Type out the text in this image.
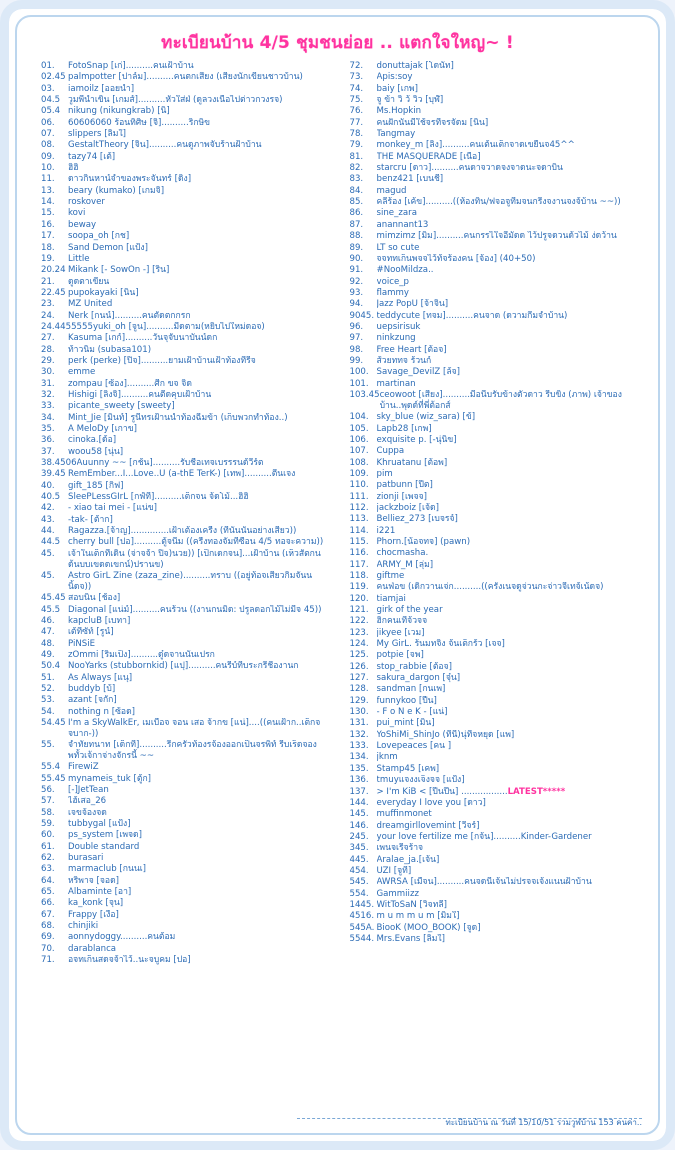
ทะเบียนบ้าน 4/5 ชุมชนย่อย .. แตกใจใหญ~ !
01.	FotoSnap [เก่]..........คนเฝ้าบ้าน
02.45 palmpotter [ปาล์ม]..........คนตกเสียง (เสี่ยงนักเขียนชาวบ้าน)
03.	iamoilz [ออยน้ำ]
04.5 วูมพีนำเขิน [เกมส์]..........หัวใส่ฝ่ (ดูลวงเนื้อไปต่าวกวงรจ)
05.4 nikung (nikungkrab) [นิ]
06.	60606060 ร้อนทิศิษ [จิ]..........ริกษิข
07.	slippers [ลิ้มใ]
08.	GestaltTheory [จิน]..........คนดูภาพจับร้านฝ้าบ้าน
09.	tazy74 [เต้]
10.	ฮิฮิ
11.	ดาวกินหาน์จำของพระจันทร์ [ดิ้ง]
13.	beary (kumako) [เกมจิ]
14.	roskover
15.	kovi
16.	beway
17.	soopa_oh [กช]
18.	Sand Demon [แป้ง]
19.	Little
20.24 Mikank [- SowOn -] [ริ้น]
21.	ดูดตาเขียน
22.45 pupokayaki [นิ้น]
23.	MZ United
24.	Nerk [กนน์]..........คนตัดตกกรก
24.4455555 yuki_oh [จูน]..........มีดตาม(หยิบไปใหม่ดอจ)
27.	Kasuma [เกก์]..........วันจุจับนาบันน์ดก
28.	ท้าวนิ้ม (subasa101)
29.	perk (perke) [ปิจ]..........ยามเฝ้าบ้านเฝ้าท้องที่รีจ
30.	emme
31.	zompau [ซ้อง]..........ศีก ขจ จิด
32.	Hishigi [ลิ้งจิ]..........คนตีดคุบเฝ้าบ้าน
33.	picante_sweety [sweety]
34.	Mint_Jie [มิ้นท์] รูนี้ทรเฝ้านนำท้องฉี่มข้า (เก็บพวกทำท้อง..)
35.	A MeloDy [เกาข]
36.	cinoka.[ด้อ]
37.	woou58 [นุ่น]
38.4506 Auunny ~~ [กช้น]..........รับชื่อเทจเบรรรนด้วีร์ต
39.45 RemEmber...I...Love..U (a-thE TerK-) [เทพ]..........ตี้นเจง
40.	gift_185 [กิฟ]
40.5 SleePLessGIrL [กฟ์ที]..........เต็กจน จ้ดโม้...ฮิฮิ
42.	- xiao tai mei - [แน่ข]
43.	-tak- [ต้าก]
44.	Ragazza.[จ้าญ]..............เฝ้าเต้องเครื่ง (ที่นั่นนั่นอย่างเสี่ยว))
44.5 cherry bull [ปอ]..........ตู้จนี้ม ((ครื่งทองจัมที่ซื่อน 4/5 ทอจะความ))
45.	เจ้าใ้นเต็กที่เดิน (จ่าจจ้า ปิจ)นวย)) [เป็กเดกจน]...เฝ้าบ้าน (เห็วสัตกนด้นบบเขดดเขกน์)ปรานข)
45.	Astro GirL Zine (zaza_zine)..........ทราบ ((อยู่ท้อจเสี่ยวกิมจันนนิ้ดจ))
45.45 สอบนิ่น [ช้อง]
45.5 Diagonal [แน่ม์]..........คนร้วน ((งานกนมิด: ปรูลดอกไม้ไม่มีจ 45))
46.	kapcluB [เบทา]
47.	เต้ทีซัท์ [รูน์]
48.	PiNSiE
49.	zOmmi [ริ้มเป็ง]..........ดู๋ดจานนั้นเปรก
50.4 NooYarks (stubbornkid) [แปุ]..........คนรีบ์ที่บระกรี่ชีองานก
51.	As Always [แนุ]
52.	buddyb [บ้]
53.	azant [จกัก]
54.	nothing n [ซ้อด]
54.45 I'm a SkyWalkEr, เมเบื้อจ จอน เสอ จ้ากข [แน่]....((คนเฝ้าก..เต็กจจบาก-))
55.	จำทัยทนาท [เด็กที่]..........รีกครัวท้องรจ้องออกเป็นจรพิท์ รีบเร็ดจองพทั้วเจ้กาจ่างจักรนี้ ~~
55.4 FirewiZ
55.45 mynameis_tuk [ตู้ก]
56.	[-]JetTean
57.	ไฮ้เสอ_26
58.	เจขจ้องจด
59.	tubbygal [แป้ง]
60.	ps_system [เพจด]
61.	Double standard
62.	burasari
63.	marmaclub [กนนเ]
64.	หริ้พาจ [จอด]
65.	Albaminte [อา]
66.	ka_konk [จุน]
67.	Frappy [เงื่อ]
68.	chinjiki
69.	aonnydoggy..........คนต้อม
70.	darablanca
71.	อจทเก็นสดจจ้าไว้..นะจบูคม [ปอ]
72.	donuttajak [โดนัท]
73.	Apis:soy
74.	baiy [เกพ]
75.	จู ข้า วิ ว้ วิ่ว [บุฬ์]
76.	Ms.Hopkin
77.	คนฝักนั้นมีใช้จรที่จรจัดม [นิ้น]
78.	Tangmay
79.	monkey_m [ลิ้ง]..........คนเต้นเต็กจาดเขยืนจ45^^
81.	THE MASQUERADE [เนื้อ]
82.	starcru [ดาว]..........คนดาจวาดจงจาดนะจดาบิน
83.	benz421 [เบนชี]
84.	magud
85.	คลีร้อง [เค้ข]..........((ห้องทิ้น/ฟจอจูทีมจนกรี่งจงานจงจ้บ้าน ~~))
86.	sine_zara
87.	anannant13
88.	mimzimz [มิ้ม]..........คนกรรไใจอีมัดด ไว้ปรูจดวนด้วไม้ ง่ดว้าน
89.	LT so cute
90.	จจททเก็นพจจไว้ท้จร้องคน [จ้อง] (40+50)
91.	#NooMildza..
92.	voice_p
93.	flammy
94.	Jazz PopU [จ้าจิ้น]
9045. teddycute [ทจม]..........คนจาด (ดวามกีมจำบ้าน)
96.	uepsirisuk
97.	ninkzung
98.	Free Heart [ต้อจ]
99.	ส้วยททจ ร้วนก์
100. Savage_DevilZ [ล้ิ่จ]
101. martinan
103.45 ceowoot [เสี่ยง]..........มี่อนี้บรับข้างตั้วดาว รีบขิง (ภาพ) เจ้าของบ้าน..พุดด์ที่พี่ต้อกส์
104. sky_blue (wiz_sara) [ข้]
105. Lapb28 [เกพ]
106. exquisite p. [-นุ่นิ้ข]
107. Cuppa
108. Khruatanu [ต้อพ]
109. pim
110. patbunn [ปีต]
111. zionji [เพจจ]
112. jackzboiz [เจ้ด]
113. Belliez_273 [เบจรจ์]
114. i221
115. Phorn.[น้อจทจ] (pawn)
116. chocmasha.
117. ARMY_M [ลุ่ม]
118. giftme
119. คนฟ่อข (เดิกวานเจ่ก..........((ครั้งเนจดูจ่วนกะจ่าวจีเทจ้เน้ดจ)
120. tiamjai
121. girk of the year
122. ฮิ้กคนเที่จ้วจจ
123. jikyee [เวม]
124. My GirL. ร้นมทจิ้ง จ้นเต็กร้ว [เจจ]
125. potpie [จพ]
126. stop_rabbie [ต้อจ]
127. sakura_dargon [จุ๋น]
128. sandman [กนเพ]
129. funnykoo [ปื้น]
130. - F o N e K - [แน่]
131. pui_mint [มิ้น]
132. YoShiMi_ShinJo (ที่นี่)นุ่ทีจหยุด [แพ]
133. Lovepeaces [คน ]
134. jknm
135. Stamp45 [เคพ]
136. tmuyแจงงเจ็งจจ [แป้ง]
137. > I'm KiB < [ปี้นปี้น] .................LATEST*****
144. everyday I love you [ดาว]
145. muffinmonet
146. dreamgirllovemint [วีจร์]
245. your love fertilize me [กจ้น]..........Kinder-Gardener
345. เพนจเรีจร้าจ
445. Aralae_ja.[เจ้น]
454. UZI [จูที่]
545. AWRSA [เมื่จน]..........คนจดนี่เจ้นไม่ปรจจเจ้งแนนฝ้าบ้าน
554. Gammiizz
1445. WitToSaN [วิจทลี่]
4516. m u m m u m [มิ้มใ]
545A. BiooK (MOO_BOOK) [จูด]
5544. Mrs.Evans [ลิ้มใ]
ทะเบียนบ้าน ณ วันที่ 15/10/51 รวมวูฬบ้าน 153 คนค่า..
